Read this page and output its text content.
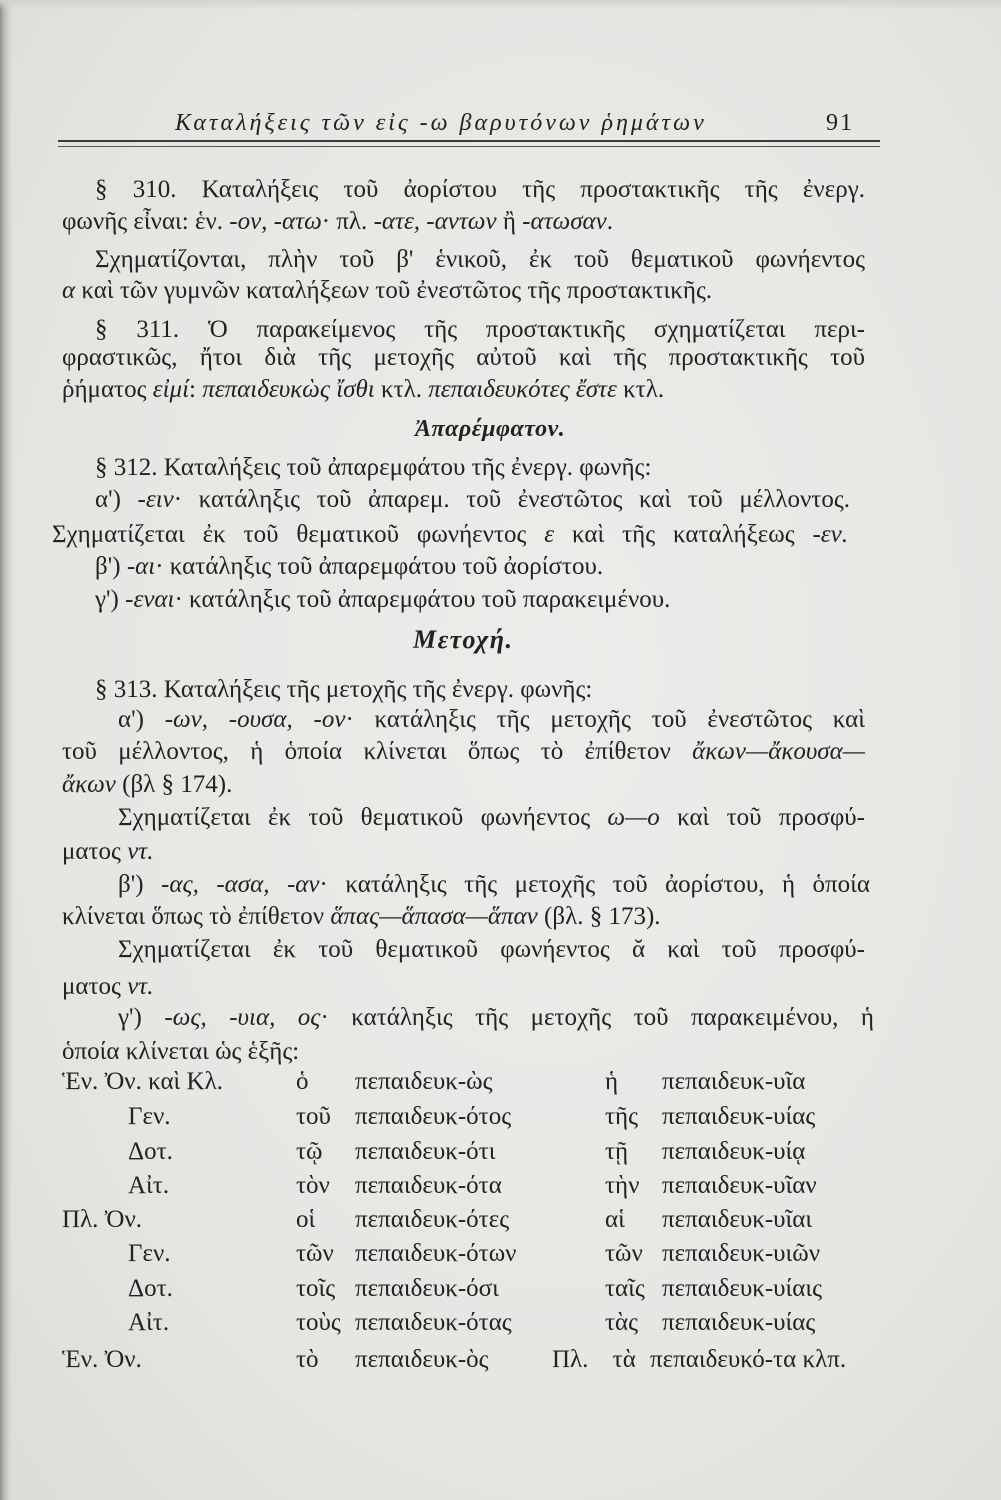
Καταλήξεις τῶν εἰς -ω βαρυτόνων ῥημάτων	91
§ 310. Καταλήξεις τοῦ ἀορίστου τῆς προστακτικῆς τῆς ἐνεργ.
φωνῆς εἶναι: ἑν. -ον, -ατω· πλ. -ατε, -αντων ἢ -ατωσαν.
Σχηματίζονται, πλὴν τοῦ β' ἑνικοῦ, ἐκ τοῦ θεματικοῦ φωνήεντος
α καὶ τῶν γυμνῶν καταλήξεων τοῦ ἐνεστῶτος τῆς προστακτικῆς.
§ 311. Ὁ παρακείμενος τῆς προστακτικῆς σχηματίζεται περι-
φραστικῶς, ἤτοι διὰ τῆς μετοχῆς αὐτοῦ καὶ τῆς προστακτικῆς τοῦ
ῥήματος εἰμί: πεπαιδευκὼς ἴσθι κτλ. πεπαιδευκότες ἔστε κτλ.
Ἀπαρέμφατον.
§ 312. Καταλήξεις τοῦ ἀπαρεμφάτου τῆς ἐνεργ. φωνῆς:
α') -ειν· κατάληξις τοῦ ἀπαρεμ. τοῦ ἐνεστῶτος καὶ τοῦ μέλλοντος.
Σχηματίζεται ἐκ τοῦ θεματικοῦ φωνήεντος ε καὶ τῆς καταλήξεως -εν.
β') -αι· κατάληξις τοῦ ἀπαρεμφάτου τοῦ ἀορίστου.
γ') -εναι· κατάληξις τοῦ ἀπαρεμφάτου τοῦ παρακειμένου.
Μετοχή.
§ 313. Καταλήξεις τῆς μετοχῆς τῆς ἐνεργ. φωνῆς:
α') -ων, -ουσα, -ον· κατάληξις τῆς μετοχῆς τοῦ ἐνεστῶτος καὶ
τοῦ μέλλοντος, ἡ ὁποία κλίνεται ὅπως τὸ ἐπίθετον ἄκων—ἄκουσα—
ἄκων (βλ § 174).
Σχηματίζεται ἐκ τοῦ θεματικοῦ φωνήεντος ω—ο καὶ τοῦ προσφύ-
ματος ντ.
β') -ας, -ασα, -αν· κατάληξις τῆς μετοχῆς τοῦ ἀορίστου, ἡ ὁποία
κλίνεται ὅπως τὸ ἐπίθετον ἅπας—ἅπασα—ἅπαν (βλ. § 173).
Σχηματίζεται ἐκ τοῦ θεματικοῦ φωνήεντος ᾰ καὶ τοῦ προσφύ-
ματος ντ.
γ') -ως, -υια, ος· κατάληξις τῆς μετοχῆς τοῦ παρακειμένου, ἡ
ὁποία κλίνεται ὡς ἑξῆς:
Ἑν. Ὀν. καὶ Κλ.	ὁ πεπαιδευκ-ὼς	ἡ πεπαιδευκ-υῖα
Γεν.	τοῦ πεπαιδευκ-ότος	τῆς πεπαιδευκ-υίας
Δοτ.	τῷ πεπαιδευκ-ότι	τῇ πεπαιδευκ-υίᾳ
Αἰτ.	τὸν πεπαιδευκ-ότα	τὴν πεπαιδευκ-υῖαν
Πλ. Ὀν.	οἱ πεπαιδευκ-ότες	αἱ πεπαιδευκ-υῖαι
Γεν.	τῶν πεπαιδευκ-ότων	τῶν πεπαιδευκ-υιῶν
Δοτ.	τοῖς πεπαιδευκ-όσι	ταῖς πεπαιδευκ-υίαις
Αἰτ.	τοὺς πεπαιδευκ-ότας	τὰς πεπαιδευκ-υίας
Ἑν. Ὀν.	τὸ πεπαιδευκ-ὸς	Πλ. τὰ πεπαιδευκό-τα κλπ.
